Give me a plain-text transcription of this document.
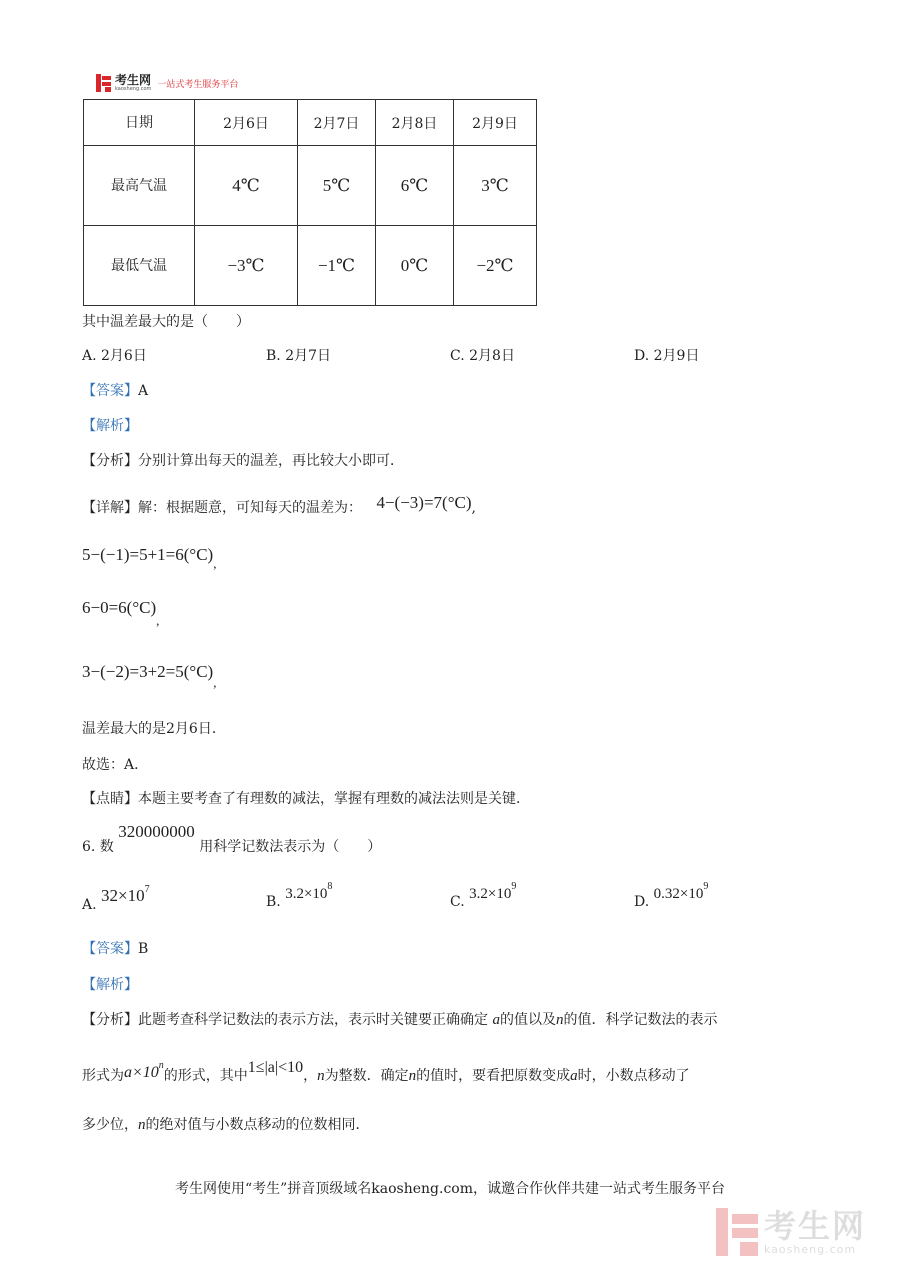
考生网
kaosheng.com 一站式考生服务平台
日期	2月6日	2月7日	2月8日	2月9日
最高气温	4℃	5℃	6℃	3℃
最低气温	−3℃	−1℃	0℃	−2℃
其中温差最大的是（　　）
A. 2月6日	B. 2月7日	C. 2月8日	D. 2月9日
【答案】A
【解析】
【分析】分别计算出每天的温差，再比较大小即可．
【详解】解：根据题意，可知每天的温差为： 4−(−3)=7(°C),
$5-(-1)=5+1=6(^\circ C)_,$
$6-0=6(^\circ C)_,$
$3-(-2)=3+2=5(^\circ C)_,$
温差最大的是2月6日．
故选：A．
【点睛】本题主要考查了有理数的减法，掌握有理数的减法法则是关键．
6. 数 320000000 用科学记数法表示为（　　）
A. $32\times 10^7$
B. $3.2\times 10^8$
C. $3.2\times 10^9$
D. $0.32\times 10^9$
【答案】B
【解析】
【分析】此题考查科学记数法的表示方法，表示时关键要正确确定 a的值以及n的值．科学记数法的表示
形式为$a\times 10^n$的形式，其中1≤|a|<10，n为整数．确定n的值时，要看把原数变成a时，小数点移动了
多少位，n的绝对值与小数点移动的位数相同．
考生网使用“考生”拼音顶级域名kaosheng.com，诚邀合作伙伴共建一站式考生服务平台
考生网
kaosheng.com
